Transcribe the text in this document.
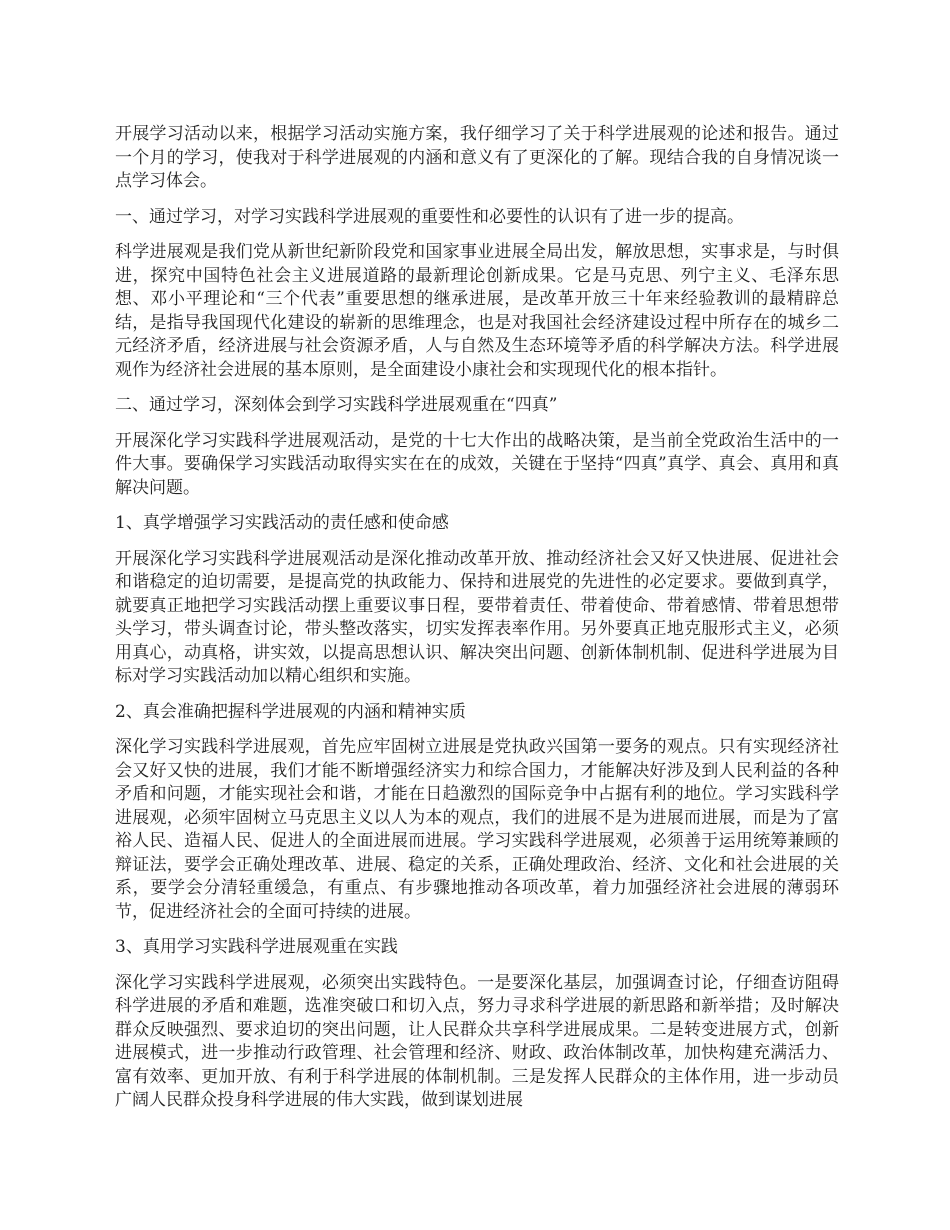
开展学习活动以来，根据学习活动实施方案，我仔细学习了关于科学进展观的论述和报告。通过一个月的学习，使我对于科学进展观的内涵和意义有了更深化的了解。现结合我的自身情况谈一点学习体会。

一、通过学习，对学习实践科学进展观的重要性和必要性的认识有了进一步的提高。

科学进展观是我们党从新世纪新阶段党和国家事业进展全局出发，解放思想，实事求是，与时俱进，探究中国特色社会主义进展道路的最新理论创新成果。它是马克思、列宁主义、毛泽东思想、邓小平理论和“三个代表”重要思想的继承进展，是改革开放三十年来经验教训的最精辟总结，是指导我国现代化建设的崭新的思维理念，也是对我国社会经济建设过程中所存在的城乡二元经济矛盾，经济进展与社会资源矛盾，人与自然及生态环境等矛盾的科学解决方法。科学进展观作为经济社会进展的基本原则，是全面建设小康社会和实现现代化的根本指针。

二、通过学习，深刻体会到学习实践科学进展观重在“四真”

开展深化学习实践科学进展观活动，是党的十七大作出的战略决策，是当前全党政治生活中的一件大事。要确保学习实践活动取得实实在在的成效，关键在于坚持“四真”真学、真会、真用和真解决问题。

1、真学增强学习实践活动的责任感和使命感

开展深化学习实践科学进展观活动是深化推动改革开放、推动经济社会又好又快进展、促进社会和谐稳定的迫切需要，是提高党的执政能力、保持和进展党的先进性的必定要求。要做到真学，就要真正地把学习实践活动摆上重要议事日程，要带着责任、带着使命、带着感情、带着思想带头学习，带头调查讨论，带头整改落实，切实发挥表率作用。另外要真正地克服形式主义，必须用真心，动真格，讲实效，以提高思想认识、解决突出问题、创新体制机制、促进科学进展为目标对学习实践活动加以精心组织和实施。

2、真会准确把握科学进展观的内涵和精神实质

深化学习实践科学进展观，首先应牢固树立进展是党执政兴国第一要务的观点。只有实现经济社会又好又快的进展，我们才能不断增强经济实力和综合国力，才能解决好涉及到人民利益的各种矛盾和问题，才能实现社会和谐，才能在日趋激烈的国际竞争中占据有利的地位。学习实践科学进展观，必须牢固树立马克思主义以人为本的观点，我们的进展不是为进展而进展，而是为了富裕人民、造福人民、促进人的全面进展而进展。学习实践科学进展观，必须善于运用统筹兼顾的辩证法，要学会正确处理改革、进展、稳定的关系，正确处理政治、经济、文化和社会进展的关系，要学会分清轻重缓急，有重点、有步骤地推动各项改革，着力加强经济社会进展的薄弱环节，促进经济社会的全面可持续的进展。

3、真用学习实践科学进展观重在实践

深化学习实践科学进展观，必须突出实践特色。一是要深化基层，加强调查讨论，仔细查访阻碍科学进展的矛盾和难题，选准突破口和切入点，努力寻求科学进展的新思路和新举措；及时解决群众反映强烈、要求迫切的突出问题，让人民群众共享科学进展成果。二是转变进展方式，创新进展模式，进一步推动行政管理、社会管理和经济、财政、政治体制改革，加快构建充满活力、富有效率、更加开放、有利于科学进展的体制机制。三是发挥人民群众的主体作用，进一步动员广阔人民群众投身科学进展的伟大实践，做到谋划进展
